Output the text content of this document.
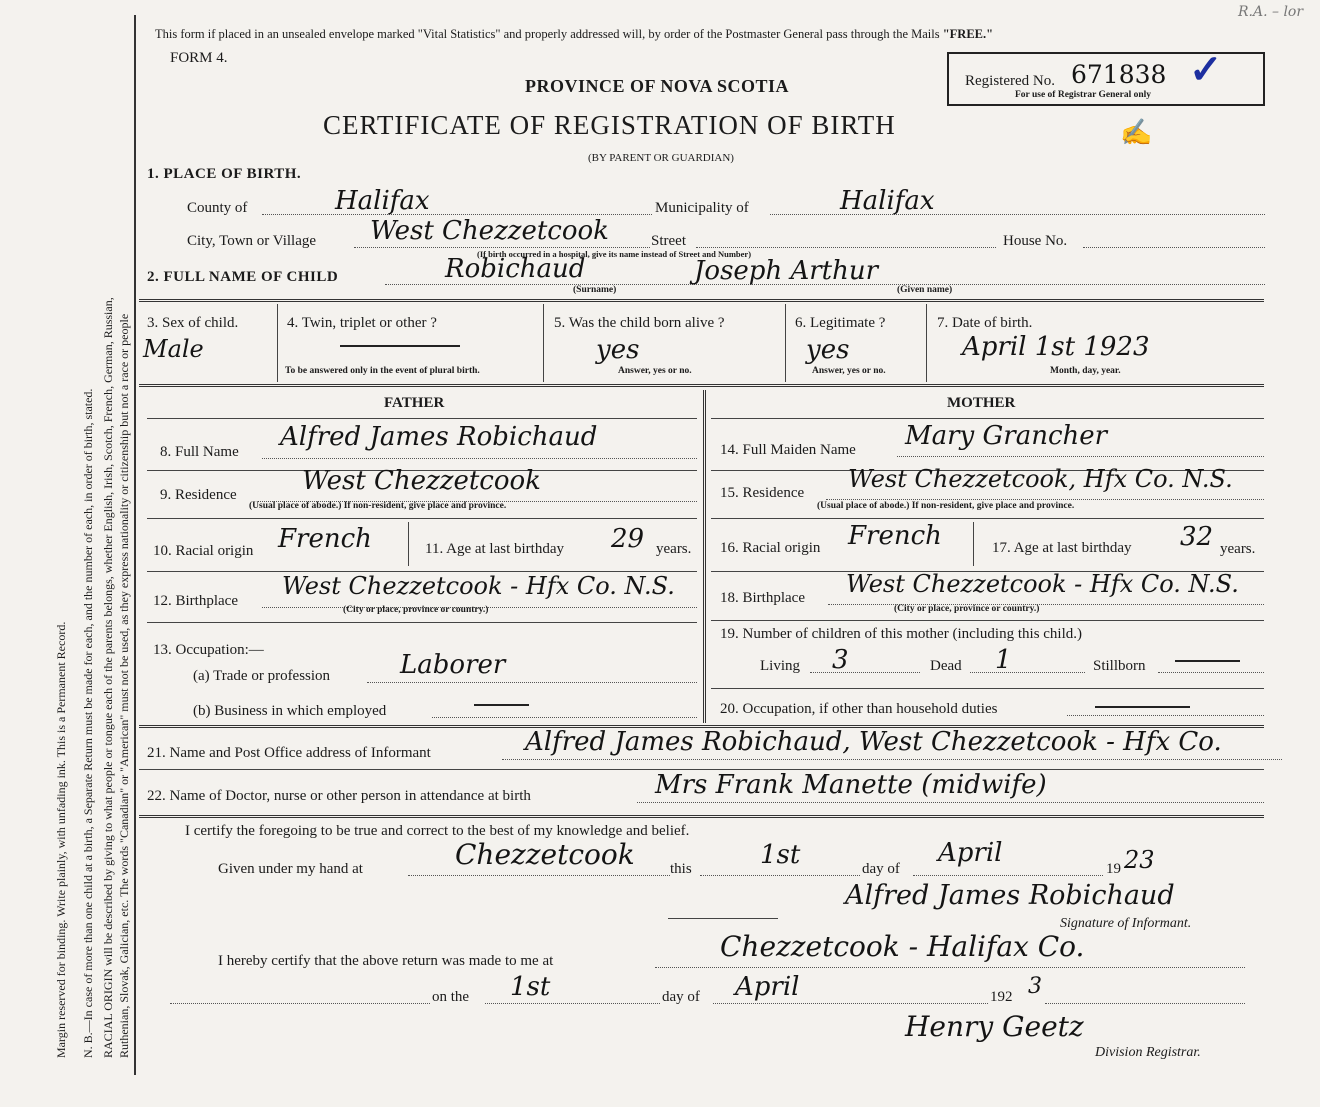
Margin reserved for binding. Write plainly, with unfading ink. This is a Permanent Record. N. B.—In case of more than one child at a birth, a Separate Return must be made for each, and the number of each, in order of birth, stated. RACIAL ORIGIN will be described by giving to what people or tongue each of the parents belongs, whether English, Irish, Scotch, French, German, Russian, Ruthenian, Slovak, Galician, etc. The words "Canadian" or "American" must not be used, as they express nationality or citizenship but not a race or people
This form if placed in an unsealed envelope marked "Vital Statistics" and properly addressed will, by order of the Postmaster General pass through the Mails "FREE."
R.A. – lor
FORM 4.
PROVINCE OF NOVA SCOTIA
CERTIFICATE OF REGISTRATION OF BIRTH
(BY PARENT OR GUARDIAN)
Registered No. 671838 ✓
For use of Registrar General only
✍
1. PLACE OF BIRTH.
County of	Halifax	Municipality of	Halifax
City, Town or Village West Chezzetcook	Street	House No.
(If birth occurred in a hospital, give its name instead of Street and Number)
2. FULL NAME OF CHILD	Robichaud	Joseph Arthur
(Surname)	(Given name)
3. Sex of child.
Male
4. Twin, triplet or other ?
To be answered only in the event of plural birth.
5. Was the child born alive ?
yes
Answer, yes or no.
6. Legitimate ?
yes
Answer, yes or no.
7. Date of birth.
April 1st 1923
Month, day, year.
FATHER	MOTHER
8. Full Name Alfred James Robichaud
9. Residence	West Chezzetcook
(Usual place of abode.) If non-resident, give place and province.
10. Racial origin French	11. Age at last birthday 29 years.
12. Birthplace
West Chezzetcook - Hfx Co. N.S.
(City or place, province or country.)
13. Occupation:—
(a) Trade or profession	Laborer
(b) Business in which employed
14. Full Maiden Name Mary Grancher
15. Residence West Chezzetcook, Hfx Co. N.S.
(Usual place of abode.) If non-resident, give place and province.
16. Racial origin French	17. Age at last birthday 32 years.
18. Birthplace West Chezzetcook - Hfx Co. N.S.
(City or place, province or country.)
19. Number of children of this mother (including this child.)
Living 3	Dead 1	Stillborn
20. Occupation, if other than household duties
21. Name and Post Office address of Informant	Alfred James Robichaud, West Chezzetcook - Hfx Co.
22. Name of Doctor, nurse or other person in attendance at birth	Mrs Frank Manette (midwife)
I certify the foregoing to be true and correct to the best of my knowledge and belief.
Given under my hand at	Chezzetcook this	1st	day of
April
19 23
Alfred James Robichaud
Signature of Informant.
I hereby certify that the above return was made to me at	Chezzetcook - Halifax Co.
on the 1st	day of April	192 3
Henry Geetz
Division Registrar.
